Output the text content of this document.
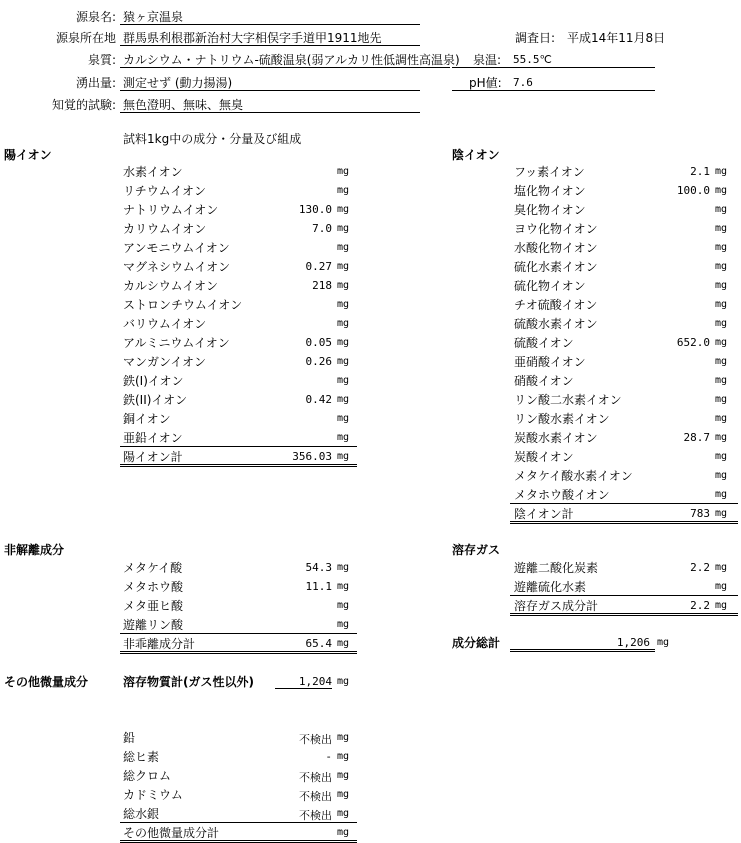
源泉名: 猿ヶ京温泉
源泉所在地 群馬県利根郡新治村大字相俣字手道甲1911地先	調査日: 平成14年11月8日
泉質: カルシウム・ナトリウム-硫酸温泉(弱アルカリ性低調性高温泉) 泉温: 55.5℃
湧出量: 測定せず (動力揚湯)	pH値: 7.6
知覚的試験: 無色澄明、無味、無臭
試料1kg中の成分・分量及び組成
陽イオン
水素イオン	mg
リチウムイオン	mg
ナトリウムイオン	130.0 mg
カリウムイオン	7.0 mg
アンモニウムイオン	mg
マグネシウムイオン	0.27 mg
カルシウムイオン	218 mg
ストロンチウムイオン	mg
バリウムイオン	mg
アルミニウムイオン	0.05 mg
マンガンイオン	0.26 mg
鉄(I)イオン	mg
鉄(II)イオン	0.42 mg
銅イオン	mg
亜鉛イオン	mg
陽イオン計	356.03 mg
陰イオン
フッ素イオン	2.1 mg
塩化物イオン	100.0 mg
臭化物イオン	mg
ヨウ化物イオン	mg
水酸化物イオン	mg
硫化水素イオン	mg
硫化物イオン	mg
チオ硫酸イオン	mg
硫酸水素イオン	mg
硫酸イオン	652.0 mg
亜硝酸イオン	mg
硝酸イオン	mg
リン酸二水素イオン	mg
リン酸水素イオン	mg
炭酸水素イオン	28.7 mg
炭酸イオン	mg
メタケイ酸水素イオン	mg
メタホウ酸イオン	mg
陰イオン計	783 mg
非解離成分
メタケイ酸	54.3 mg
メタホウ酸	11.1 mg
メタ亜ヒ酸	mg
遊離リン酸	mg
非乖離成分計	65.4 mg
溶存ガス
遊離二酸化炭素	2.2 mg
遊離硫化水素	mg
溶存ガス成分計	2.2 mg
成分総計	1,206 mg
その他微量成分	溶存物質計(ガス性以外)	1,204 mg
鉛	不検出 mg
総ヒ素	- mg
総クロム	不検出 mg
カドミウム	不検出 mg
総水銀	不検出 mg
その他微量成分計	mg
